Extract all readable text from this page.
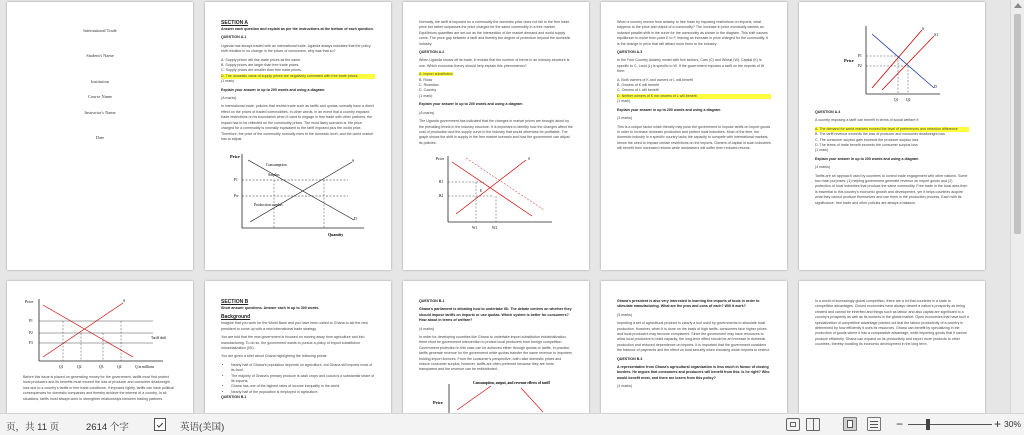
International Trade
Student's Name
Institution
Course Name
Instructor's Name
Date
SECTION A

Answer each question and explain as per the instructions at the bottom of each question.

QUESTION A.1

Uganda has always traded with an international trade. Uganda always indicates that the policy shift resulted in no change in the prices of consumers, why was that so?

A. Supply prices will rise trade prices as the same.
B. Supply prices are larger than free trade prices.
C. Supply prices are smaller than free trade prices.
D. The domestic value of supply prices are negatively correlated with free trade prices.

(1 mark)

Explain your answer in up to 200 words and using a diagram

(A marks)

In international trade, policies that restrict trade such as tariffs and quotas normally have a direct effect on the prices of traded commodities. In other words, in an event that a country imposed trade restrictions on its boundaries when it used to engage in free trade with other partners, the impact has to be reflected on the commodity prices. The most likely scenario is, the price charged for a commodity is normally equivalent to the tariff imposed plus the world price. Therefore, the price of the commodity normally rises to the domestic level, and the world market has to adjust.

Price
Quantity
Consumption
Surplus
Production surplus
S
D
P1
Pw

Normally, the tariff is imposed on a commodity the domestic price does not fall to the free trade price but rather surpasses the price charged for the same commodity in a free market. Equilibrium quantities are set out as the intersection of the market demand and world supply curve. The price gap between a tariff and thereby the degree of protection beyond the domestic industry.

QUESTION A.2

When Uganda shows off its trade, it reveals that the number of forms in an industry structure is one. Which economic theory should help explain this phenomenon?

A. Import substitution
B. Ricks
C. Ricardian
D. Country

(1 mark)

Explain your answer in up to 200 words and using a diagram

(A marks)

The Uganda government has indicated that the changes in market prices are brought about by the prevailing levels in the industry structure. It is important to identify how the changes affect the cost of production and the supply curve in the industry that would otherwise be profitable. The graph shows the shift in supply in the free market scenario and how the government can adjust its policies.

Price
B1
E
B2
W1	W2
S

When a country moves from autarky to free trade by imposing restrictions on imports, what happens to the price and output of a commodity? The increase in price eventually causes an outward parallel shift in the curve for the commodity as shown in the diagram. This shift causes equilibrium to move from point E to F, leaving an increase in price charged for the commodity. It is the change in price that will attract more firms to the industry.

QUESTION A.3

In the Four Country Autarky model with five sectors, Cars (C) and Wheat (W), Capital (K) is specific to C, Land (L) is specific to W. If the government imposes a tariff on the imports of W then:

A. Both owners of K and owners of L will benefit
B. Owners of K will benefit
C. Owners of L will benefit
D. Neither owners of K nor owners of L will benefit

(1 mark)

Explain your answer in up to 200 words and using a diagram

(3 marks)

This is a unique factor which literally may push the government to impose tariffs on import goods in order to increase domestic production and protect local industries. Most of the time, the domestic industry in a specific country lacks the capacity to compete with international markets, hence the need to impose certain restrictions on the imports. Owners of capital in such industries will benefit from increased returns while landowners will suffer from reduced returns.

Price
S
S1
P1
P2
D
Q1 Q2

QUESTION A.4

A country imposing a tariff can benefit in terms of social welfare if:

A. The demand for world markets exceed the level of preferences and retention difference
B. The tariff revenue exceeds the loss of producer and consumer deadweight loss
C. The consumer surplus gain exceeds the producer surplus loss
D. The terms of trade benefit exceeds the consumer surplus loss

(1 mark)

Explain your answer in up to 200 words and using a diagram

(4 marks)

Tariffs are an approach used by countries to control trade engagement with other nations. Some two main purposes: (1) helping government generate revenue on import goods and (2) protection of local industries that produce the same commodity. Free trade in the local area then is essential to this country's economic growth and development, yet it helps countries acquire what they cannot produce themselves and use them in the production process. Each with its significance, free trade and other policies are always a balance.

Price	S
P1
P2
P3
Q1	Q2	Q3	Q4	Q in millions
Tariff shift

Before this issue is placed on generating money for the government, tariffs must first protect local producers and its benefits must exceed the loss of producer and consumer deadweight loss due to a country's tariffs in free trade conditions. If imposed rightly, tariffs can have political consequences for domestic companies and thereby achieve the interest of a country. In all situations, tariffs must always work to strengthen relationships between trading partners.

SECTION B

Short answer questions. Answer each in up to 300 words.

Background

Imagine that you work for the World Bank and you have been called to Ghana to aid the new president to come up with a new international trade strategy.

You are told that the new government is focused on moving away from agriculture and into manufacturing. To do so, the government wants to pursue a policy of import substitution industrialization (ISI).

You are given a brief about Ghana highlighting the following points:

• Nearly half of Ghana's population depends on agriculture, but Ghana still imports most of its food.
• The majority of Ghana's primary produce is cash crops and cocoa is a substantial share of its exports.
• Ghana has one of the highest rates of income inequality in the world.
• Nearly half of the population is employed in agriculture.

QUESTION B.1

QUESTION B.1

Ghana's parliament is debating how to undertake ISI. The debate centres on whether they should impose tariffs on imports or use quotas. Which system is better for consumers? How about in terms of welfare?

(4 marks)

In order for developing countries like Ghana to undertake import substitution industrialization, there must be government intervention to protect local producers from foreign competition. Government protection in this case can be achieved either through quotas or tariffs. In practice, tariffs generate revenue for the government while quotas transfer the same revenue to importers holding import licences. From the consumer's perspective, both raise domestic prices and reduce consumer surplus; however, tariffs are often preferred because they are more transparent and the revenue can be redistributed.

Price
Consumption, output, and revenue effects of tariff

Ghana's president is also very interested in learning the imports of tools in order to stimulate manufacturing. What are the pros and cons of each? Will it work?

(3 marks)

Importing a set of agricultural produce is clearly a tool used by governments to stimulate local production. However, when it is done on the basis of high tariffs, consumers face higher prices and local producers may become complacent. Since the government may have resources to allow local producers to build capacity, the long-term effect should be an increase in domestic production and reduced dependence on imports. It is important that the government considers the balance of payments and the effect on food security when choosing which imports to restrict.

QUESTION B.3

A representative from Ghana's agricultural organization is less much in favour of closing borders. He argues that consumers and producers will benefit from this. Is he right? Who would benefit most, and there are losers from this policy?

(4 marks)

In a world of increasingly global competition, there are a lot that countries in a state to competitive advantages. Closed economies have always viewed a nation's prosperity as being created and cannot be inherited and things such as labour and also capital are significant to a country's prosperity as well as its workers in the global market. Open economies that have built a specialization of competitive advantage pointed out that the labour productivity of a country is determined by how efficiently it uses its resources. Ghana can benefit by specializing in the production of goods where it has a comparative advantage, while importing goods that it cannot produce efficiently. Ghana can expand on its productivity and export more products to other countries, thereby boosting its economic development in the long term.

页，共 11 页	2614 个字	英语(美国)	−	+ 30%
